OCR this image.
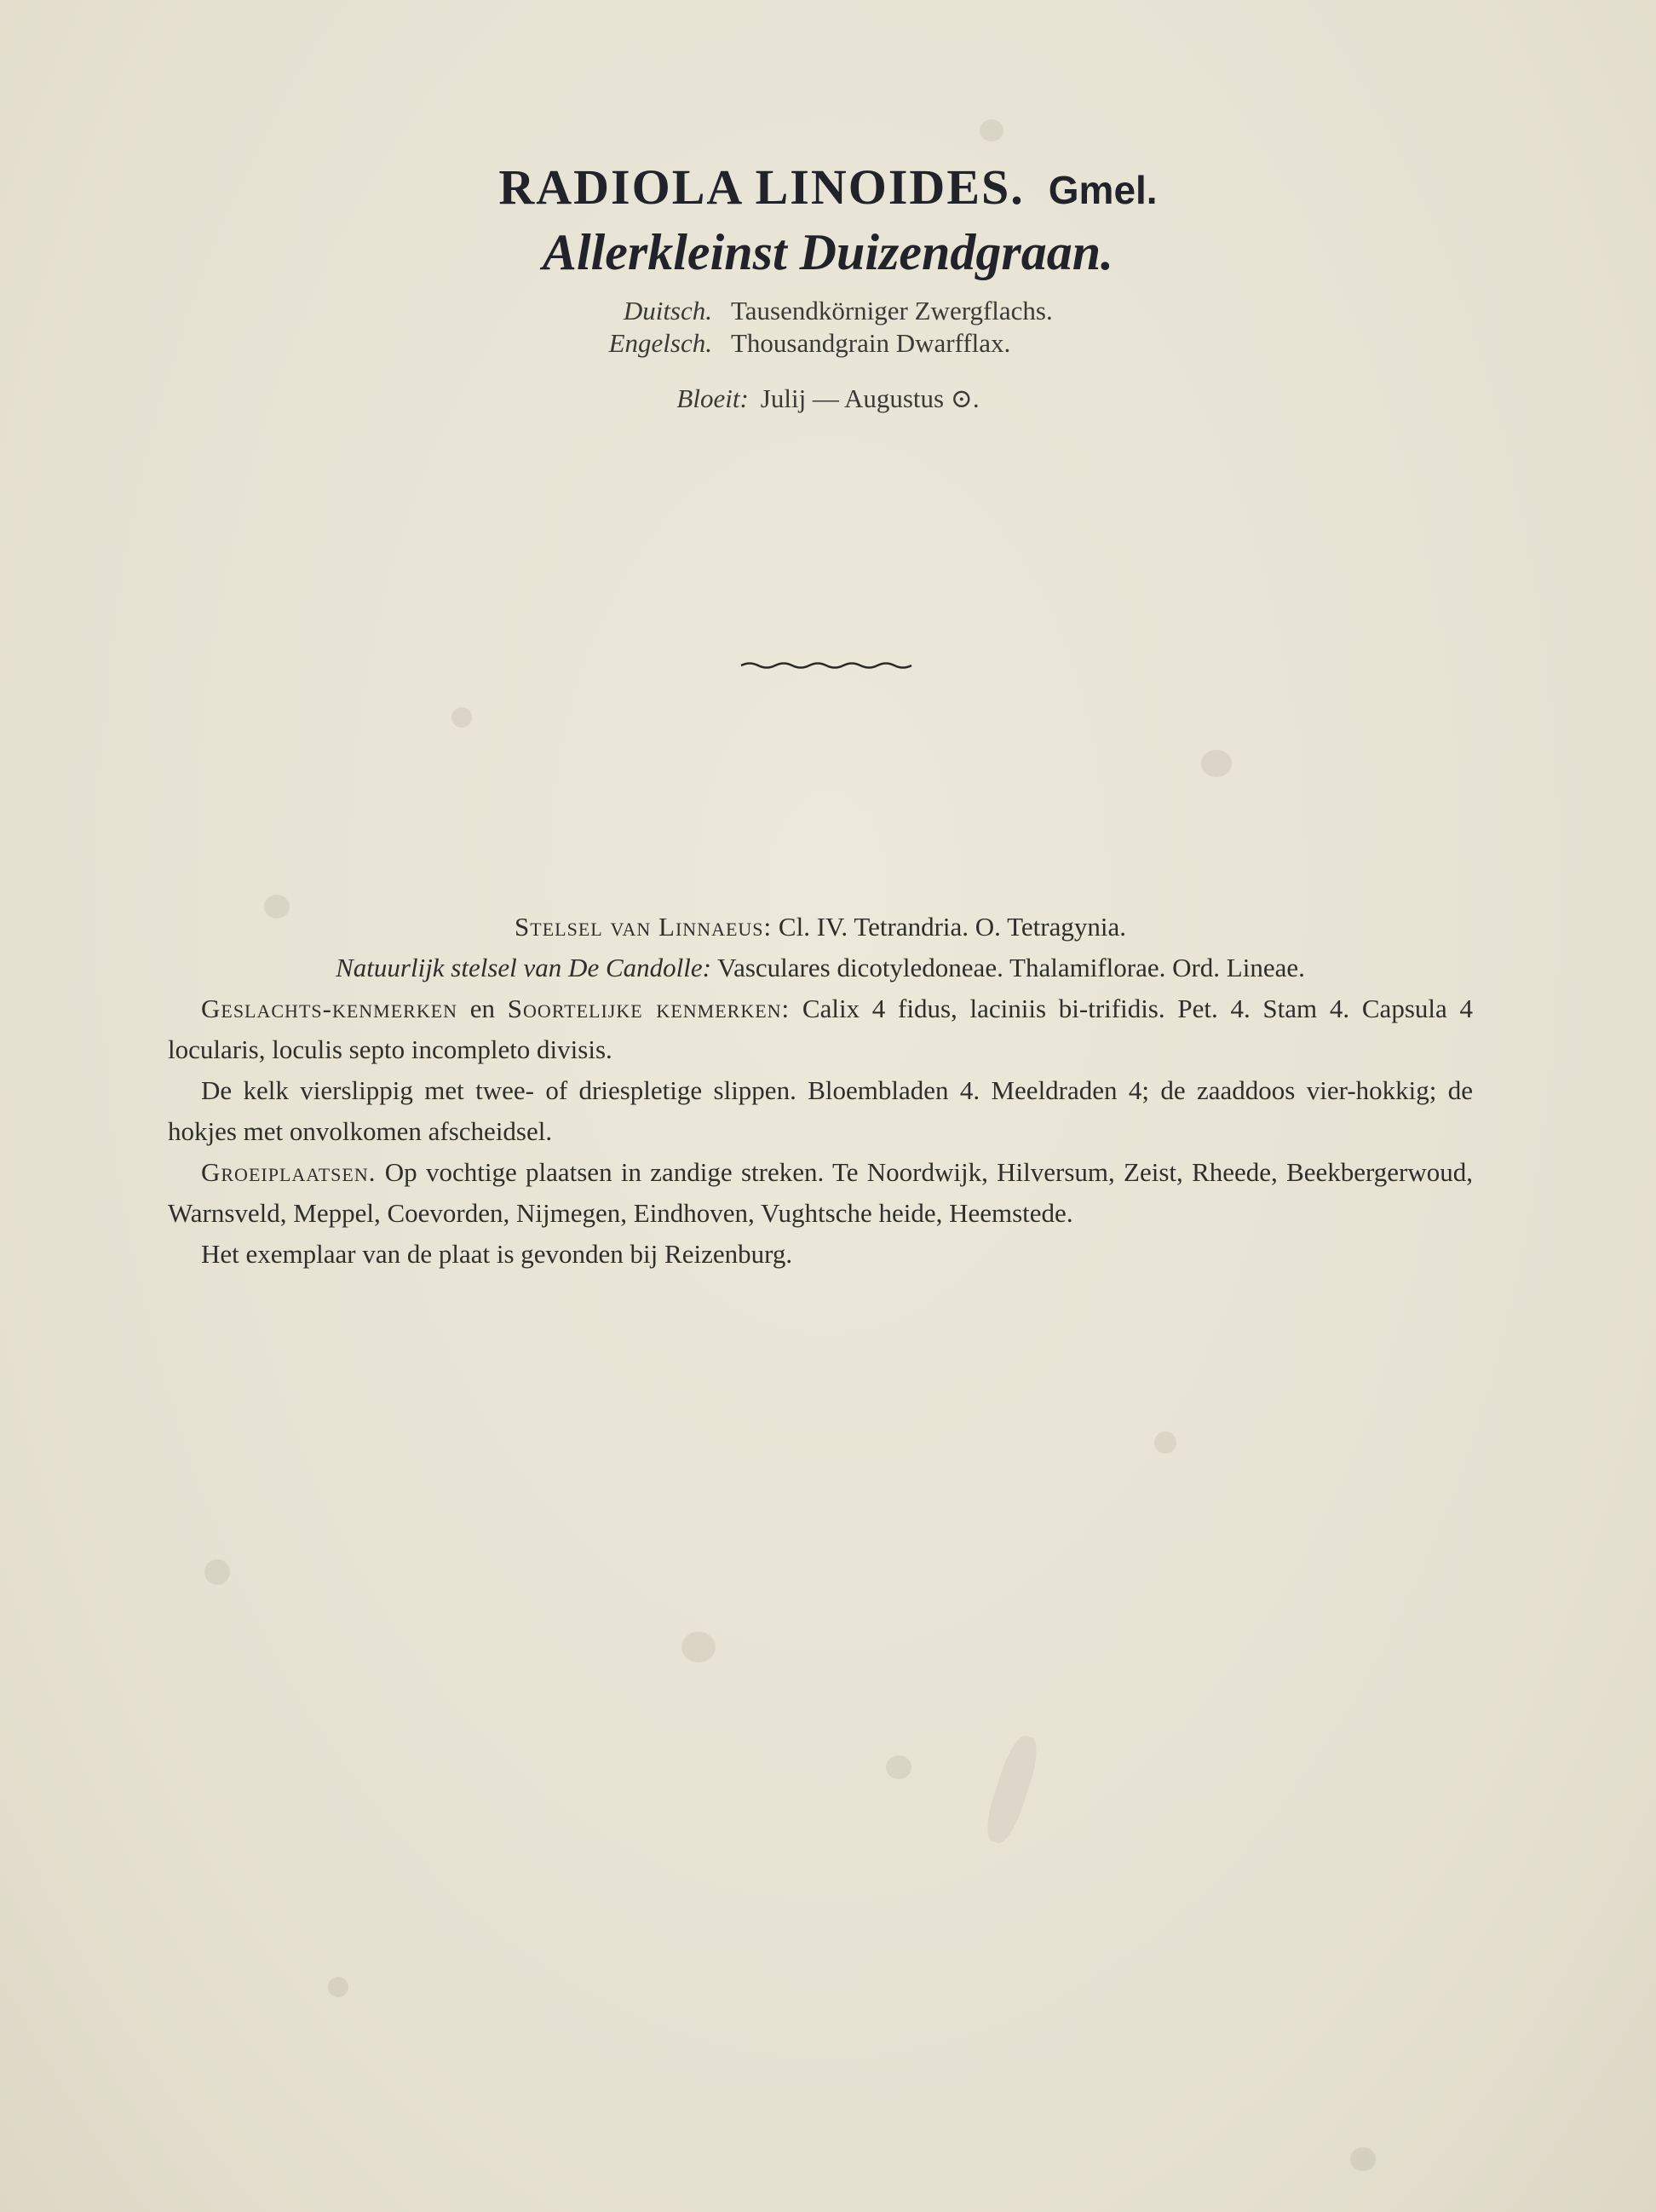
RADIOLA LINOIDES. Gmel.
Allerkleinst Duizendgraan.
Duitsch. Tausendkörniger Zwergflachs.
Engelsch. Thousandgrain Dwarfflax.
Bloeit: Julij — Augustus ⊙.

Stelsel van Linnaeus: Cl. IV. Tetrandria. O. Tetragynia.

Natuurlijk stelsel van De Candolle: Vasculares dicotyledoneae. Thalamiflorae. Ord. Lineae.

Geslachts-kenmerken en Soortelijke kenmerken: Calix 4 fidus, laciniis bi-trifidis. Pet. 4. Stam 4. Capsula 4 locularis, loculis septo incompleto divisis.

De kelk vierslippig met twee- of driespletige slippen. Bloembladen 4. Meeldraden 4; de zaaddoos vier-hokkig; de hokjes met onvolkomen afscheidsel.

Groeiplaatsen. Op vochtige plaatsen in zandige streken. Te Noordwijk, Hilversum, Zeist, Rheede, Beekbergerwoud, Warnsveld, Meppel, Coevorden, Nijmegen, Eindhoven, Vughtsche heide, Heemstede.

Het exemplaar van de plaat is gevonden bij Reizenburg.
